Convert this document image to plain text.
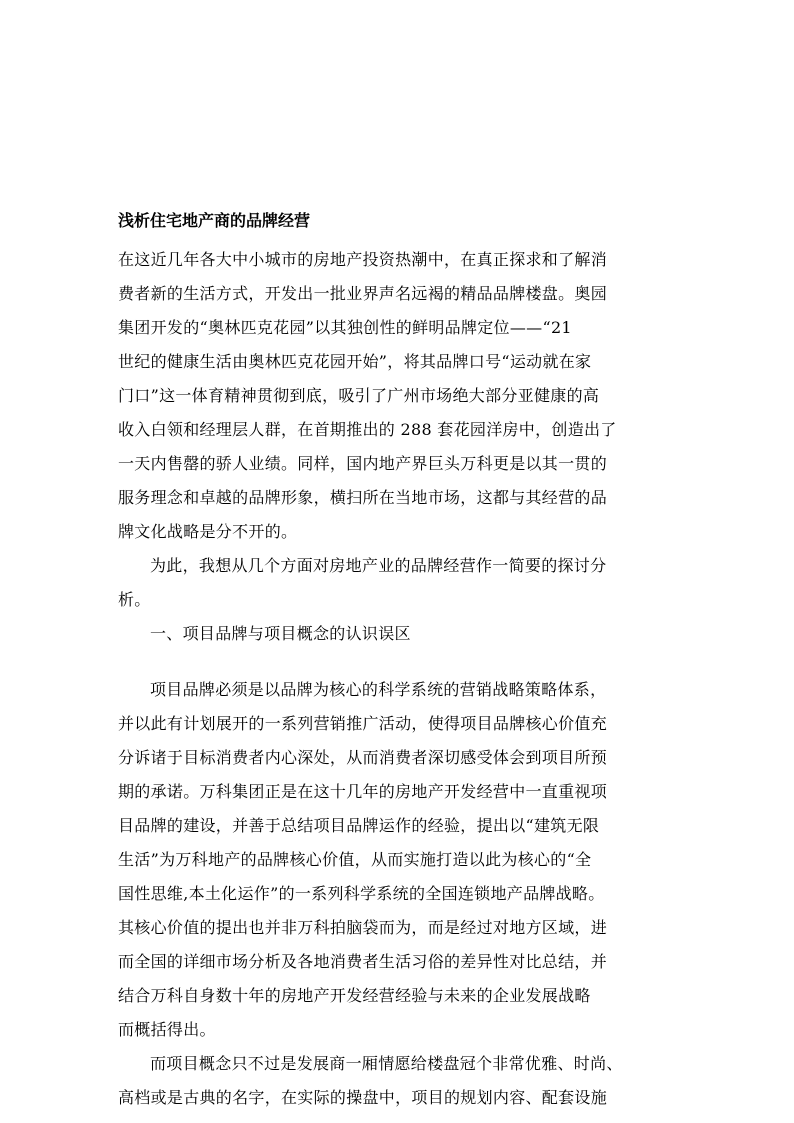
浅析住宅地产商的品牌经营
在这近几年各大中小城市的房地产投资热潮中，在真正探求和了解消
费者新的生活方式，开发出一批业界声名远褐的精品品牌楼盘。奥园
集团开发的“奥林匹克花园”以其独创性的鲜明品牌定位——“21
世纪的健康生活由奥林匹克花园开始”，将其品牌口号“运动就在家
门口”这一体育精神贯彻到底，吸引了广州市场绝大部分亚健康的高
收入白领和经理层人群，在首期推出的 288 套花园洋房中，创造出了
一天内售罄的骄人业绩。同样，国内地产界巨头万科更是以其一贯的
服务理念和卓越的品牌形象，横扫所在当地市场，这都与其经营的品
牌文化战略是分不开的。
为此，我想从几个方面对房地产业的品牌经营作一简要的探讨分
析。
一、项目品牌与项目概念的认识误区
项目品牌必须是以品牌为核心的科学系统的营销战略策略体系，
并以此有计划展开的一系列营销推广活动，使得项目品牌核心价值充
分诉诸于目标消费者内心深处，从而消费者深切感受体会到项目所预
期的承诺。万科集团正是在这十几年的房地产开发经营中一直重视项
目品牌的建设，并善于总结项目品牌运作的经验，提出以“建筑无限
生活”为万科地产的品牌核心价值，从而实施打造以此为核心的“全
国性思维,本土化运作”的一系列科学系统的全国连锁地产品牌战略。
其核心价值的提出也并非万科拍脑袋而为，而是经过对地方区域，进
而全国的详细市场分析及各地消费者生活习俗的差异性对比总结，并
结合万科自身数十年的房地产开发经营经验与未来的企业发展战略
而概括得出。
而项目概念只不过是发展商一厢情愿给楼盘冠个非常优雅、时尚、
高档或是古典的名字，在实际的操盘中，项目的规划内容、配套设施
